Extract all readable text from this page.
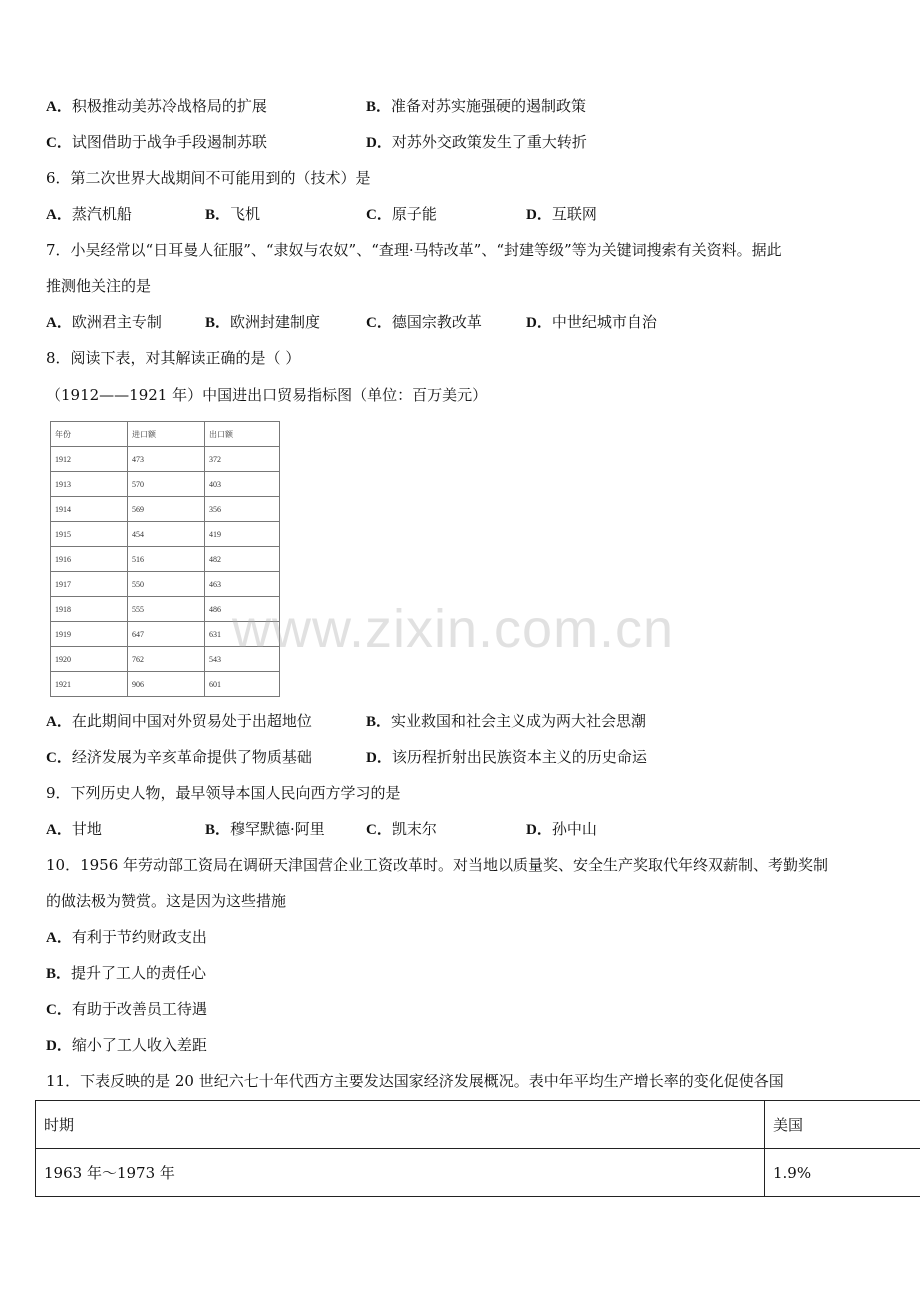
A．积极推动美苏冷战格局的扩展	B．准备对苏实施强硬的遏制政策
C．试图借助于战争手段遏制苏联	D．对苏外交政策发生了重大转折
6．第二次世界大战期间不可能用到的（技术）是
A．蒸汽机船	B．飞机	C．原子能	D．互联网
7．小吴经常以“日耳曼人征服”、“隶奴与农奴”、“查理·马特改革”、“封建等级”等为关键词搜索有关资料。据此
推测他关注的是
A．欧洲君主专制	B．欧洲封建制度	C．德国宗教改革	D．中世纪城市自治
8．阅读下表，对其解读正确的是（ ）
（1912——1921 年）中国进出口贸易指标图（单位：百万美元）
年份	进口额	出口额
1912	473	372
1913	570	403
1914	569	356
1915	454	419
1916	516	482
1917	550	463
1918	555	486
1919	647	631
1920	762	543
1921	906	601
www.zixin.com.cn
A．在此期间中国对外贸易处于出超地位	B．实业救国和社会主义成为两大社会思潮
C．经济发展为辛亥革命提供了物质基础	D．该历程折射出民族资本主义的历史命运
9．下列历史人物，最早领导本国人民向西方学习的是
A．甘地	B．穆罕默德·阿里	C．凯末尔	D．孙中山
10．1956 年劳动部工资局在调研天津国营企业工资改革时。对当地以质量奖、安全生产奖取代年终双薪制、考勤奖制
的做法极为赞赏。这是因为这些措施
A．有利于节约财政支出
B．提升了工人的责任心
C．有助于改善员工待遇
D．缩小了工人收入差距
11．下表反映的是 20 世纪六七十年代西方主要发达国家经济发展概况。表中年平均生产增长率的变化促使各国
时期	美国
1963 年～1973 年	1.9%
